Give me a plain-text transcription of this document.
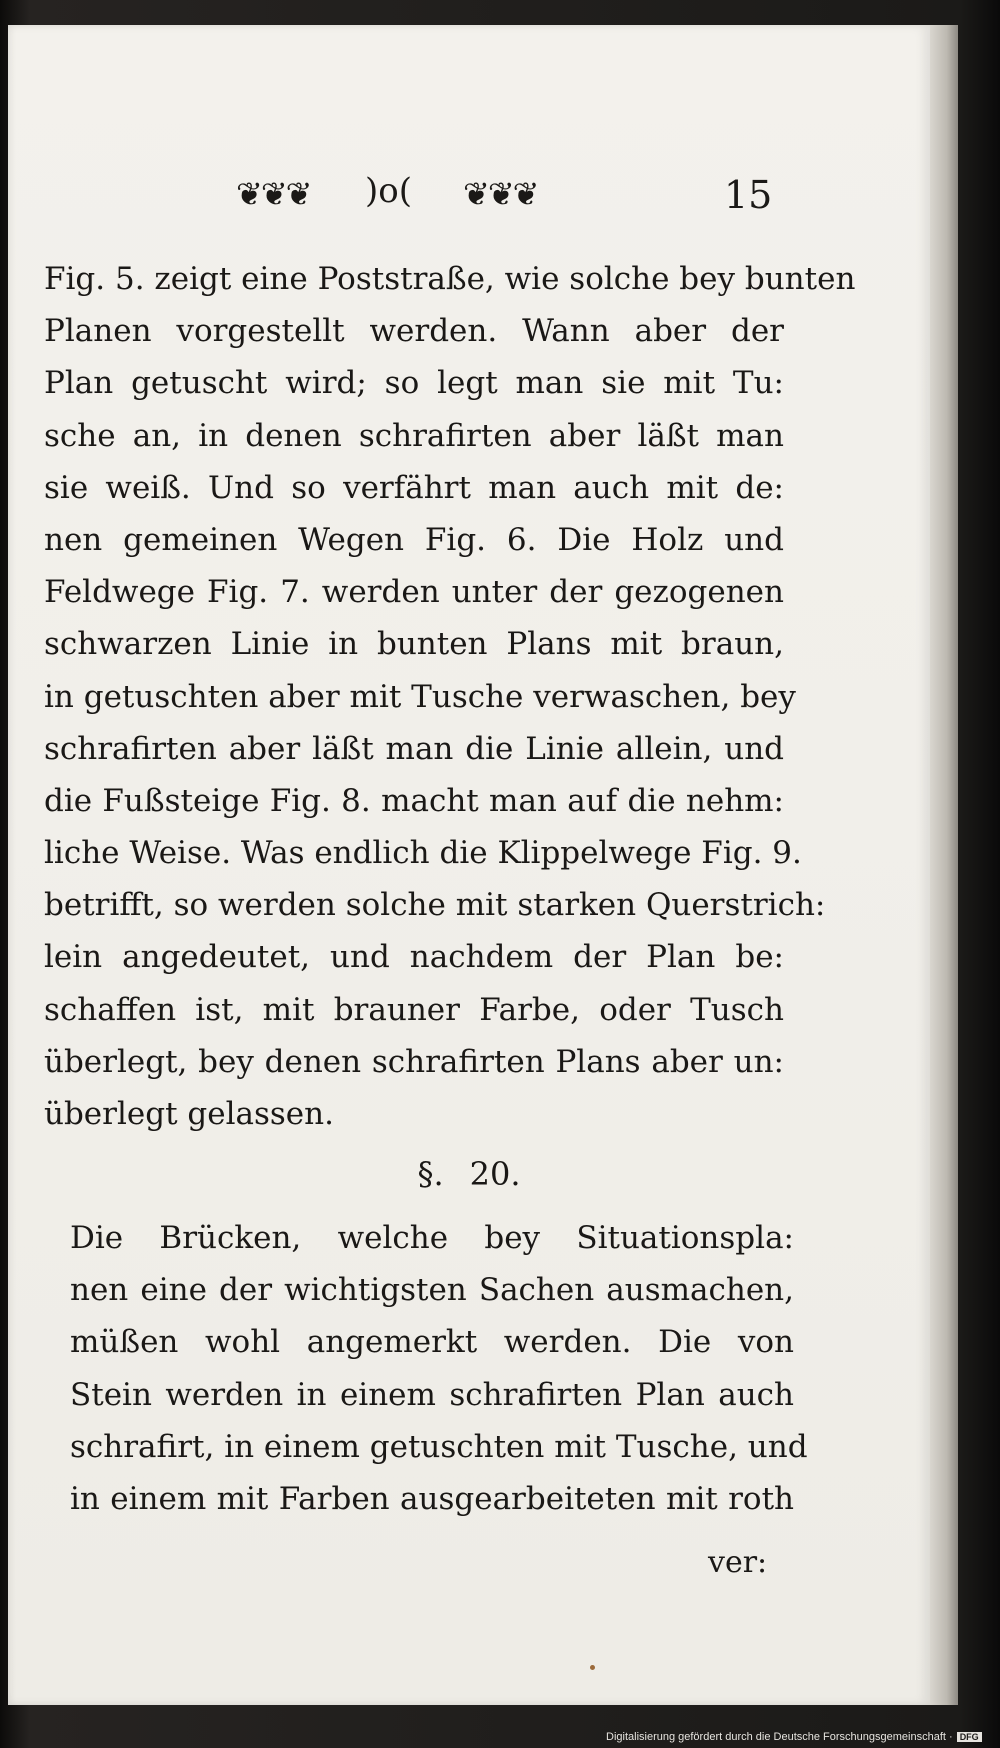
❦❦❦ )o( ❦❦❦	15
Fig. 5. zeigt eine Poststraße, wie solche bey bunten
Planen vorgestellt werden. Wann aber der
Plan getuscht wird; so legt man sie mit Tu:
sche an, in denen schrafirten aber läßt man
sie weiß. Und so verfährt man auch mit de:
nen gemeinen Wegen Fig. 6. Die Holz und
Feldwege Fig. 7. werden unter der gezogenen
schwarzen Linie in bunten Plans mit braun,
in getuschten aber mit Tusche verwaschen, bey
schrafirten aber läßt man die Linie allein, und
die Fußsteige Fig. 8. macht man auf die nehm:
liche Weise. Was endlich die Klippelwege Fig. 9.
betrifft, so werden solche mit starken Querstrich:
lein angedeutet, und nachdem der Plan be:
schaffen ist, mit brauner Farbe, oder Tusch
überlegt, bey denen schrafirten Plans aber un:
überlegt gelassen.
§. 20.
Die Brücken, welche bey Situationspla:
nen eine der wichtigsten Sachen ausmachen,
müßen wohl angemerkt werden. Die von
Stein werden in einem schrafirten Plan auch
schrafirt, in einem getuschten mit Tusche, und
in einem mit Farben ausgearbeiteten mit roth
ver:
Digitalisierung gefördert durch die Deutsche Forschungsgemeinschaft · DFG
